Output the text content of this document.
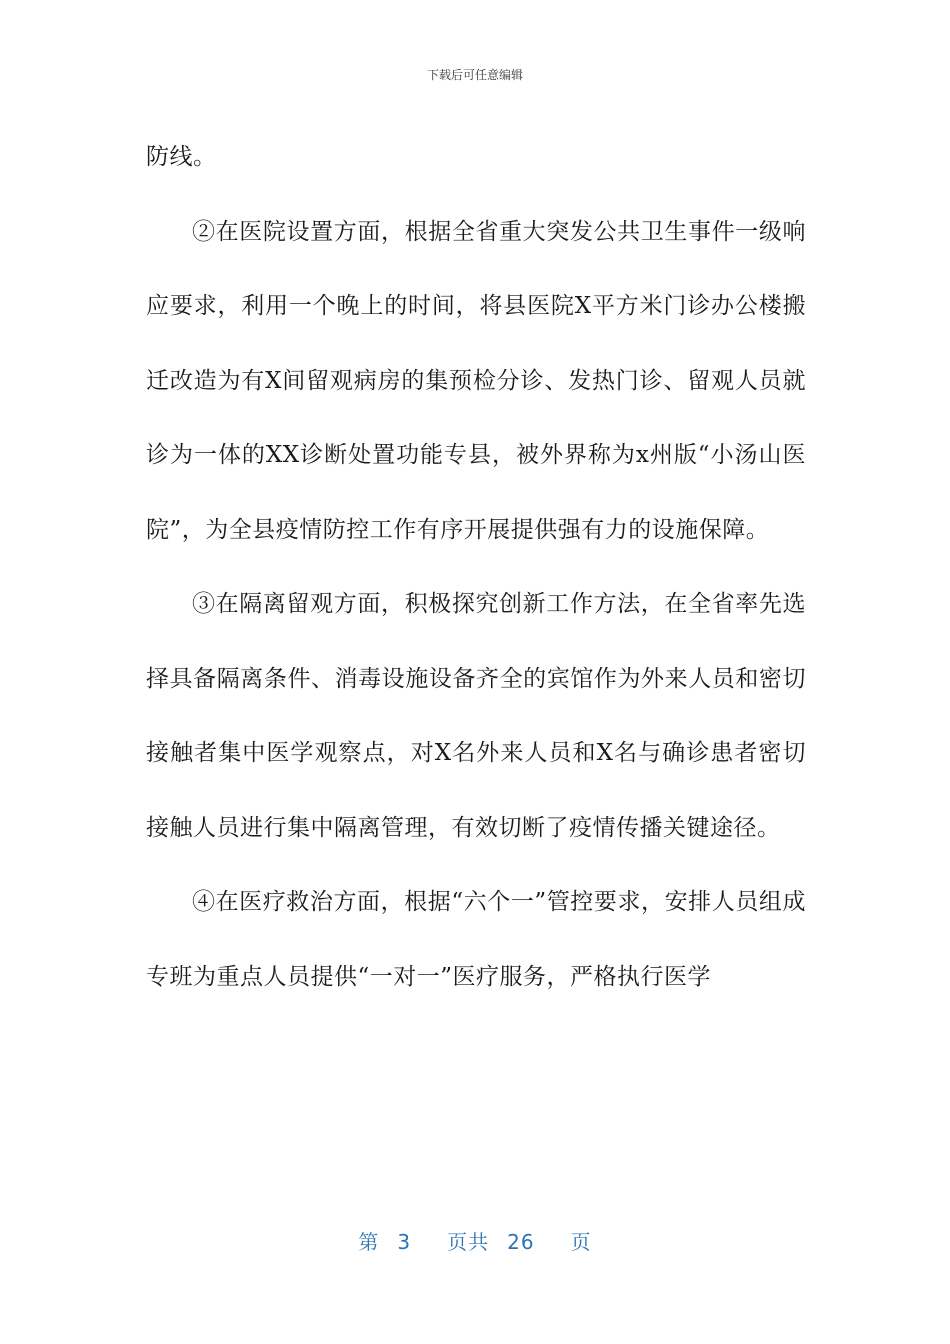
下载后可任意编辑

防线。

②在医院设置方面，根据全省重大突发公共卫生事件一级响应要求，利用一个晚上的时间，将县医院X平方米门诊办公楼搬迁改造为有X间留观病房的集预检分诊、发热门诊、留观人员就诊为一体的XX诊断处置功能专县，被外界称为x州版“小汤山医院”，为全县疫情防控工作有序开展提供强有力的设施保障。

③在隔离留观方面，积极探究创新工作方法，在全省率先选择具备隔离条件、消毒设施设备齐全的宾馆作为外来人员和密切接触者集中医学观察点，对X名外来人员和X名与确诊患者密切接触人员进行集中隔离管理，有效切断了疫情传播关键途径。

④在医疗救治方面，根据“六个一”管控要求，安排人员组成专班为重点人员提供“一对一”医疗服务，严格执行医学

第 3 页共 26 页
